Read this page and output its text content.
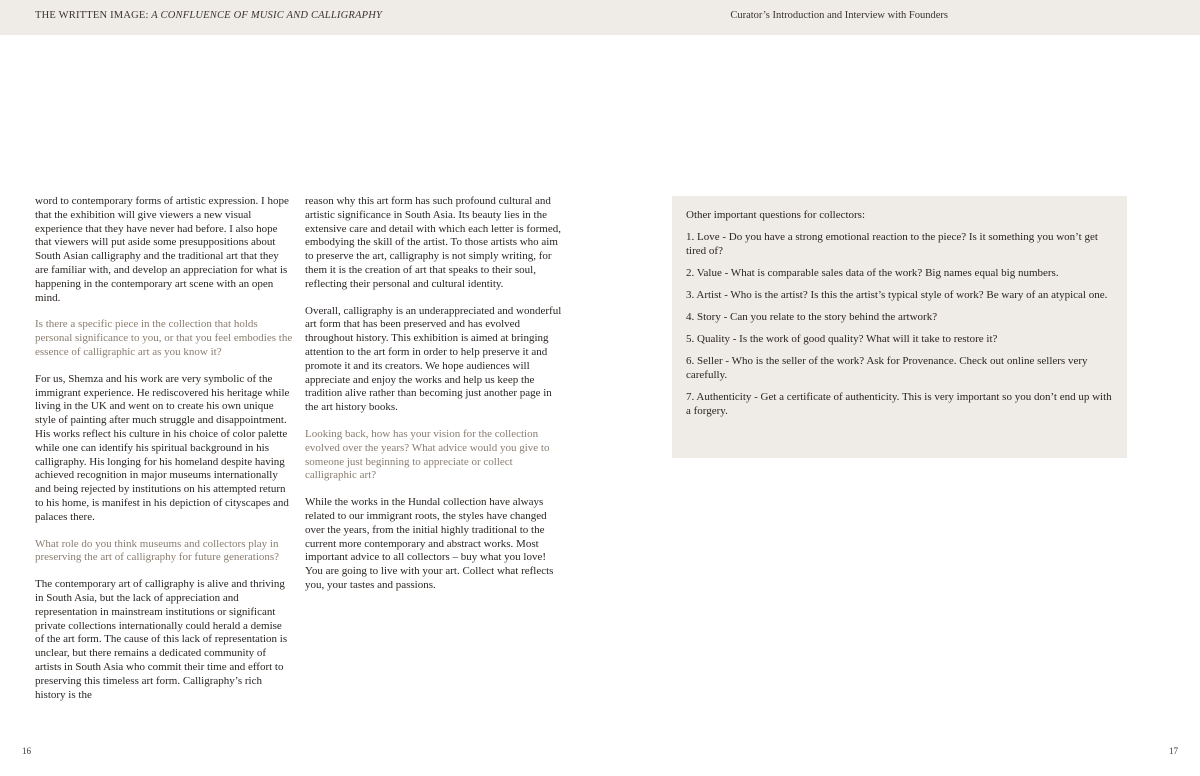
THE WRITTEN IMAGE: A CONFLUENCE OF MUSIC AND CALLIGRAPHY	Curator’s Introduction and Interview with Founders

word to contemporary forms of artistic expression. I hope that the exhibition will give viewers a new visual experience that they have never had before. I also hope that viewers will put aside some presuppositions about South Asian calligraphy and the traditional art that they are familiar with, and develop an appreciation for what is happening in the contemporary art scene with an open mind.

Is there a specific piece in the collection that holds personal significance to you, or that you feel embodies the essence of calligraphic art as you know it?

For us, Shemza and his work are very symbolic of the immigrant experience. He rediscovered his heritage while living in the UK and went on to create his own unique style of painting after much struggle and disappointment. His works reflect his culture in his choice of color palette while one can identify his spiritual background in his calligraphy. His longing for his homeland despite having achieved recognition in major museums internationally and being rejected by institutions on his attempted return to his home, is manifest in his depiction of cityscapes and palaces there.

What role do you think museums and collectors play in preserving the art of calligraphy for future generations?

The contemporary art of calligraphy is alive and thriving in South Asia, but the lack of appreciation and representation in mainstream institutions or significant private collections internationally could herald a demise of the art form. The cause of this lack of representation is unclear, but there remains a dedicated community of artists in South Asia who commit their time and effort to preserving this timeless art form. Calligraphy’s rich history is the

reason why this art form has such profound cultural and artistic significance in South Asia. Its beauty lies in the extensive care and detail with which each letter is formed, embodying the skill of the artist. To those artists who aim to preserve the art, calligraphy is not simply writing, for them it is the creation of art that speaks to their soul, reflecting their personal and cultural identity.

Overall, calligraphy is an underappreciated and wonderful art form that has been preserved and has evolved throughout history. This exhibition is aimed at bringing attention to the art form in order to help preserve it and promote it and its creators. We hope audiences will appreciate and enjoy the works and help us keep the tradition alive rather than becoming just another page in the art history books.

Looking back, how has your vision for the collection evolved over the years? What advice would you give to someone just beginning to appreciate or collect calligraphic art?

While the works in the Hundal collection have always related to our immigrant roots, the styles have changed over the years, from the initial highly traditional to the current more contemporary and abstract works. Most important advice to all collectors – buy what you love! You are going to live with your art. Collect what reflects you, your tastes and passions.

Other important questions for collectors:

1. Love - Do you have a strong emotional reaction to the piece? Is it something you won’t get tired of?
2. Value - What is comparable sales data of the work? Big names equal big numbers.
3. Artist - Who is the artist? Is this the artist’s typical style of work? Be wary of an atypical one.
4. Story - Can you relate to the story behind the artwork?
5. Quality - Is the work of good quality? What will it take to restore it?
6. Seller - Who is the seller of the work? Ask for Provenance. Check out online sellers very carefully.
7. Authenticity - Get a certificate of authenticity. This is very important so you don’t end up with a forgery.
16	17
